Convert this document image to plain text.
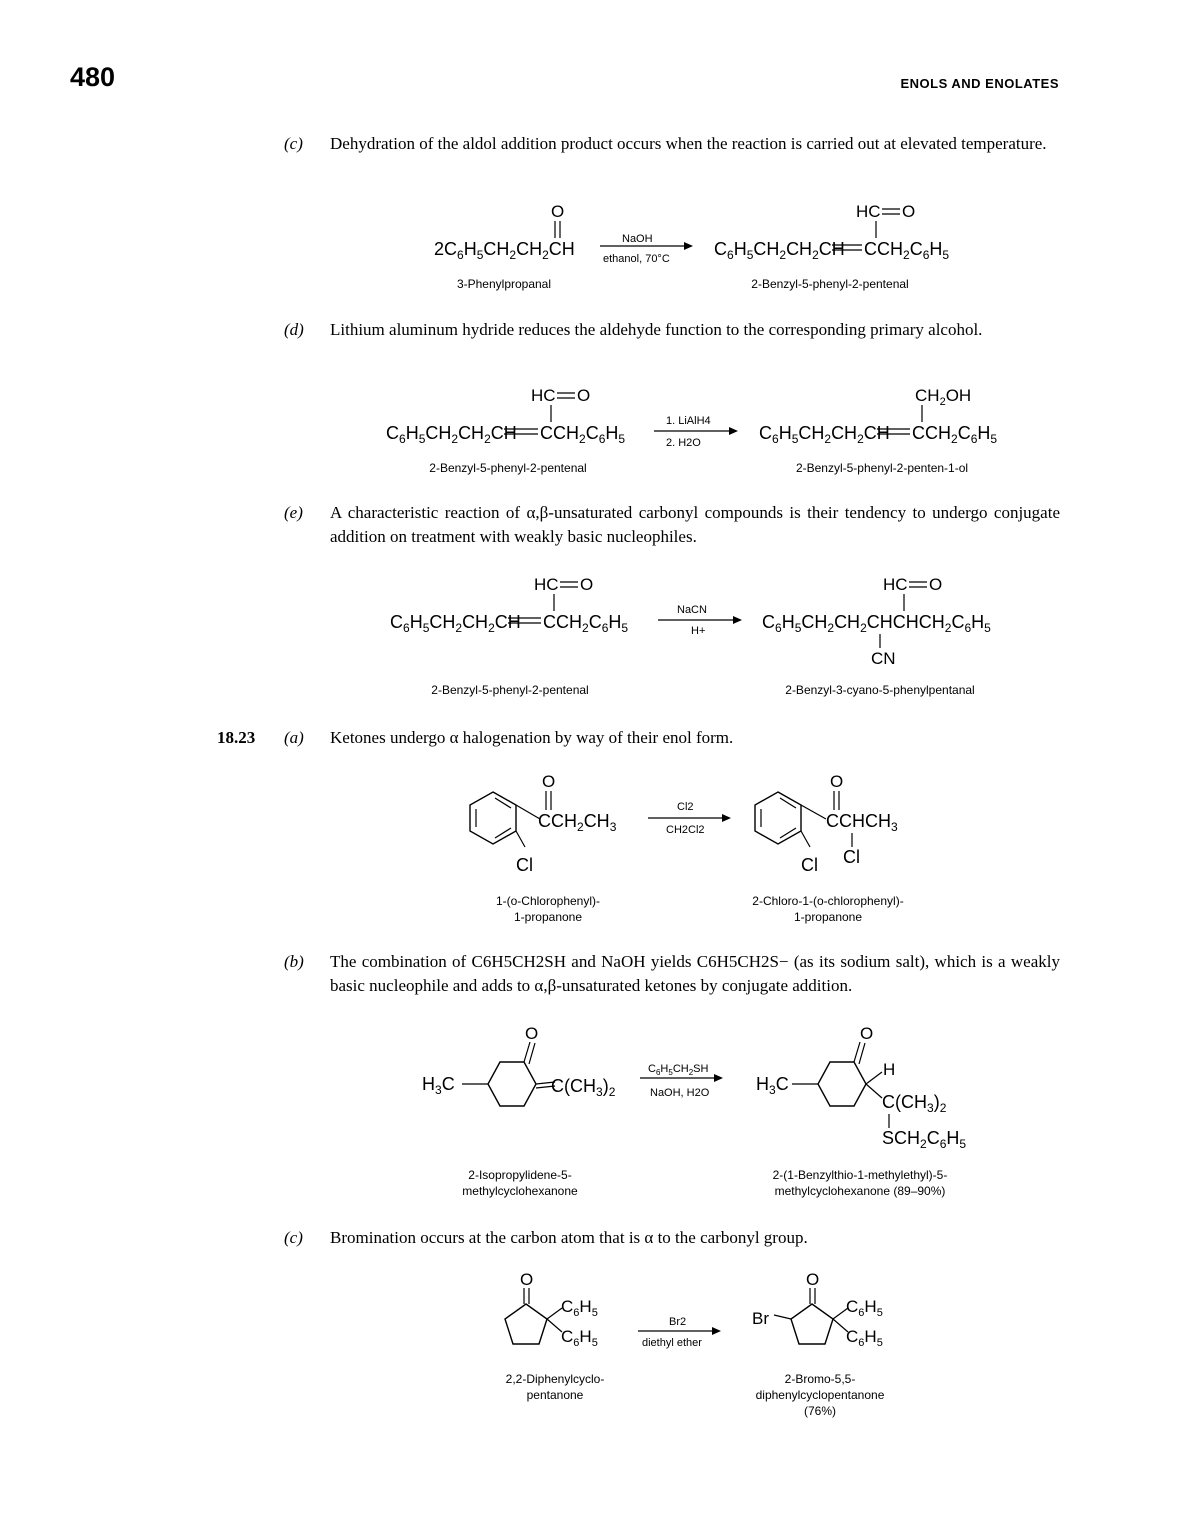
480	ENOLS AND ENOLATES
(c) Dehydration of the aldol addition product occurs when the reaction is carried out at elevated temperature.
O
$2C_6H_5CH_2CH_2CH$	NaOH
ethanol, 70°C
HC O
$C_6H_5CH_2CH_2CH$ $CCH_2C_6H_5$
3-Phenylpropanal	2-Benzyl-5-phenyl-2-pentenal
(d) Lithium aluminum hydride reduces the aldehyde function to the corresponding primary alcohol.
HC O
$C_6H_5CH_2CH_2CH$ $CCH_2C_6H_5$
1. LiAlH4
2. H2O
$CH_2OH$
$C_6H_5CH_2CH_2CH$ $CCH_2C_6H_5$
2-Benzyl-5-phenyl-2-pentenal	2-Benzyl-5-phenyl-2-penten-1-ol
(e) A characteristic reaction of α,β-unsaturated carbonyl compounds is their tendency to undergo conjugate addition on treatment with weakly basic nucleophiles.
HC O
$C_6H_5CH_2CH_2CH$ $CCH_2C_6H_5$
NaCN
H+
HC O
$C_6H_5CH_2CH_2CHCHCH_2C_6H_5$
CN
2-Benzyl-5-phenyl-2-pentenal	2-Benzyl-3-cyano-5-phenylpentanal
18.23 (a) Ketones undergo α halogenation by way of their enol form.
Cl
O
$CCH_2CH_3$
Cl2
CH2Cl2
Cl
O
$CCHCH_3$
Cl
1-(o-Chlorophenyl)-
1-propanone
2-Chloro-1-(o-chlorophenyl)-
1-propanone
(b) The combination of C6H5CH2SH and NaOH yields C6H5CH2S− (as its sodium salt), which is a weakly basic nucleophile and adds to α,β-unsaturated ketones by conjugate addition.
O
$C(CH_3)_2$
$H_3C$
$C_6H_5CH_2SH$
NaOH, H2O
O
H
$C(CH_3)_2$
$SCH_2C_6H_5$
$H_3C$
2-Isopropylidene-5-
methylcyclohexanone
2-(1-Benzylthio-1-methylethyl)-5-
methylcyclohexanone (89–90%)
(c) Bromination occurs at the carbon atom that is α to the carbonyl group.
O
$C_6H_5$
$C_6H_5$
Br2
diethyl ether
O
Br
$C_6H_5$
$C_6H_5$
2,2-Diphenylcyclo-
pentanone
2-Bromo-5,5-
diphenylcyclopentanone
(76%)
